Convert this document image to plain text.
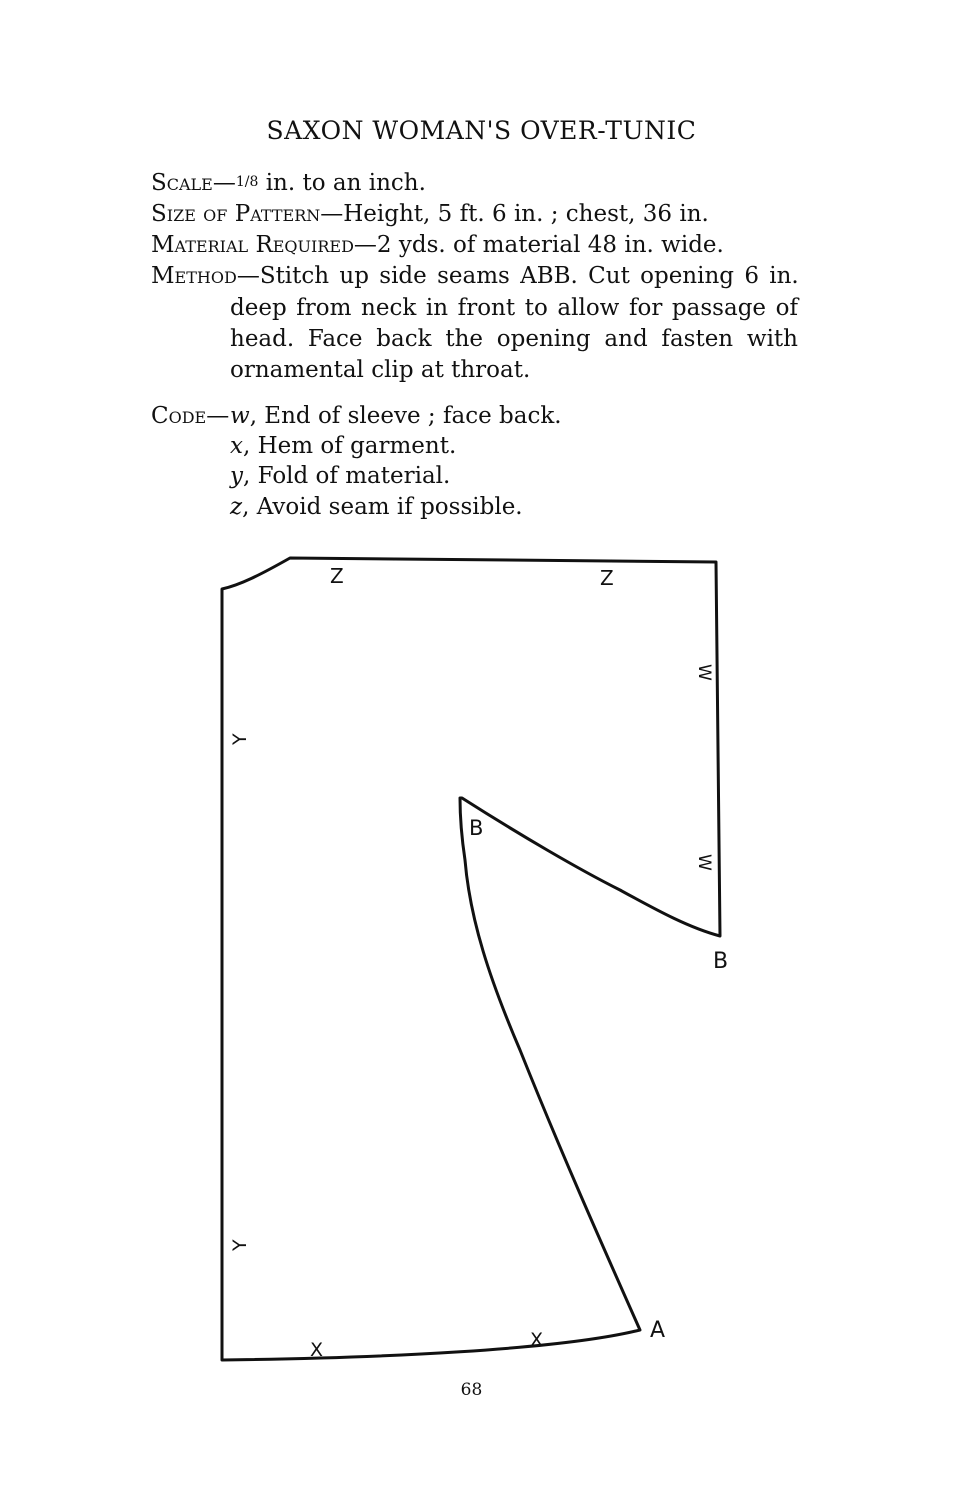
SAXON WOMAN'S OVER-TUNIC
Scale—1/8 in. to an inch.
Size of Pattern—Height, 5 ft. 6 in. ; chest, 36 in.
Material Required—2 yds. of material 48 in. wide.
Method—Stitch up side seams ABB. Cut opening 6 in.
deep from neck in front to allow for passage of head. Face back the opening and fasten with ornamental clip at throat.
Code— w, End of sleeve ; face back.
x, Hem of garment.
y, Fold of material.
z, Avoid seam if possible.
Z	Z
W
W
Y
Y
X	X
B
B
A
68
